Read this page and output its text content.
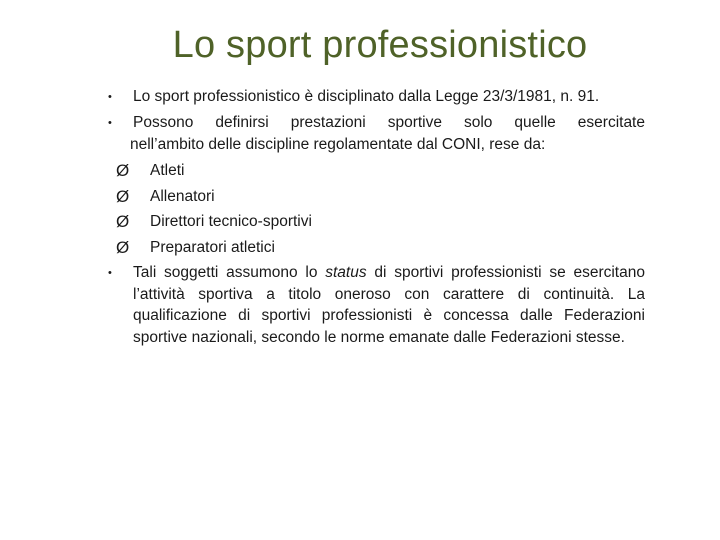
Lo sport professionistico
• Lo sport professionistico è disciplinato dalla Legge 23/3/1981, n. 91.
• Possono definirsi prestazioni sportive solo quelle esercitate
nell’ambito delle discipline regolamentate dal CONI, rese da:
Ø	Atleti
Ø	Allenatori
Ø	Direttori tecnico-sportivi
Ø	Preparatori atletici
• Tali soggetti assumono lo status di sportivi professionisti se esercitano l’attività sportiva a titolo oneroso con carattere di continuità. La qualificazione di sportivi professionisti è concessa dalle Federazioni sportive nazionali, secondo le norme emanate dalle Federazioni stesse.
